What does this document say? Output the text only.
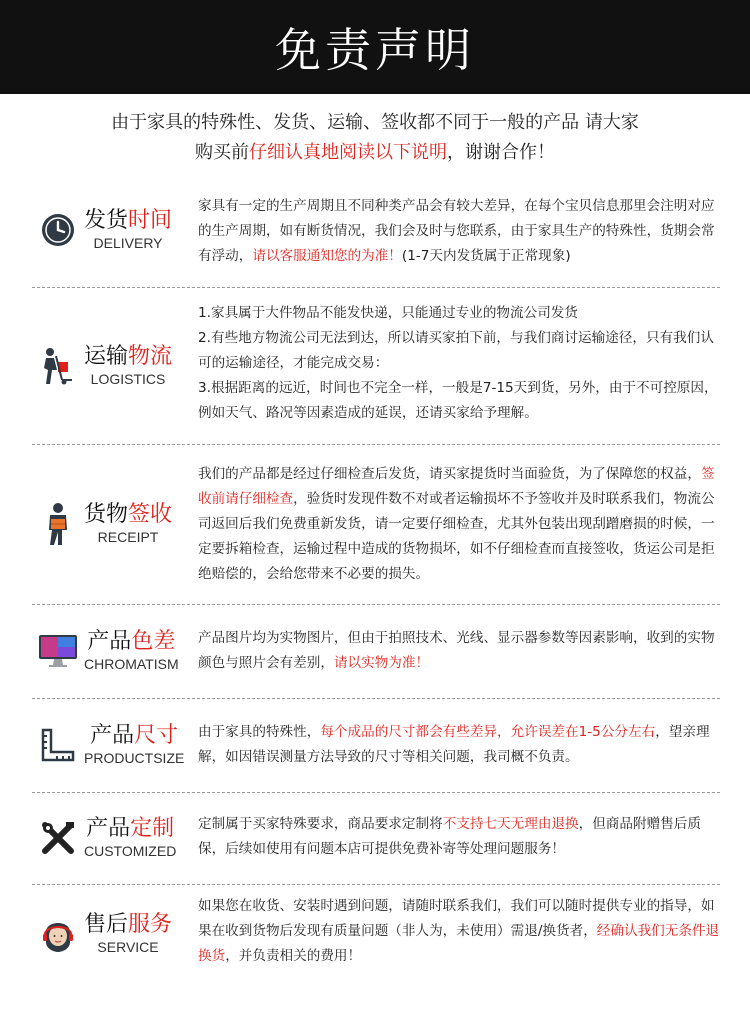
免责声明
由于家具的特殊性、发货、运输、签收都不同于一般的产品 请大家
购买前仔细认真地阅读以下说明，谢谢合作！
发货时间
DELIVERY
家具有一定的生产周期且不同种类产品会有较大差异，在每个宝贝信息那里会注明对应的生产周期，如有断货情况，我们会及时与您联系，由于家具生产的特殊性，货期会常有浮动，请以客服通知您的为准！(1-7天内发货属于正常现象)
运输物流
LOGISTICS

1.家具属于大件物品不能发快递，只能通过专业的物流公司发货

2.有些地方物流公司无法到达，所以请买家拍下前，与我们商讨运输途径，只有我们认可的运输途径，才能完成交易：

3.根据距离的远近，时间也不完全一样，一般是7-15天到货，另外，由于不可控原因，例如天气、路况等因素造成的延误，还请买家给予理解。

货物签收
RECEIPT
我们的产品都是经过仔细检查后发货，请买家提货时当面验货，为了保障您的权益，签收前请仔细检查，验货时发现件数不对或者运输损坏不予签收并及时联系我们，物流公司返回后我们免费重新发货，请一定要仔细检查，尤其外包装出现刮蹭磨损的时候，一定要拆箱检查，运输过程中造成的货物损坏，如不仔细检查而直接签收，货运公司是拒绝赔偿的，会给您带来不必要的损失。
产品色差
CHROMATISM
产品图片均为实物图片，但由于拍照技术、光线、显示器参数等因素影响，收到的实物颜色与照片会有差别，请以实物为准！
产品尺寸
PRODUCTSIZE
由于家具的特殊性，每个成品的尺寸都会有些差异，允许误差在1-5公分左右，望亲理解，如因错误测量方法导致的尺寸等相关问题，我司概不负责。
产品定制
CUSTOMIZED
定制属于买家特殊要求，商品要求定制将不支持七天无理由退换，但商品附赠售后质保，后续如使用有问题本店可提供免费补寄等处理问题服务！
售后服务
SERVICE
如果您在收货、安装时遇到问题，请随时联系我们，我们可以随时提供专业的指导，如果在收到货物后发现有质量问题（非人为，未使用）需退/换货者，经确认我们无条件退换货，并负责相关的费用！
